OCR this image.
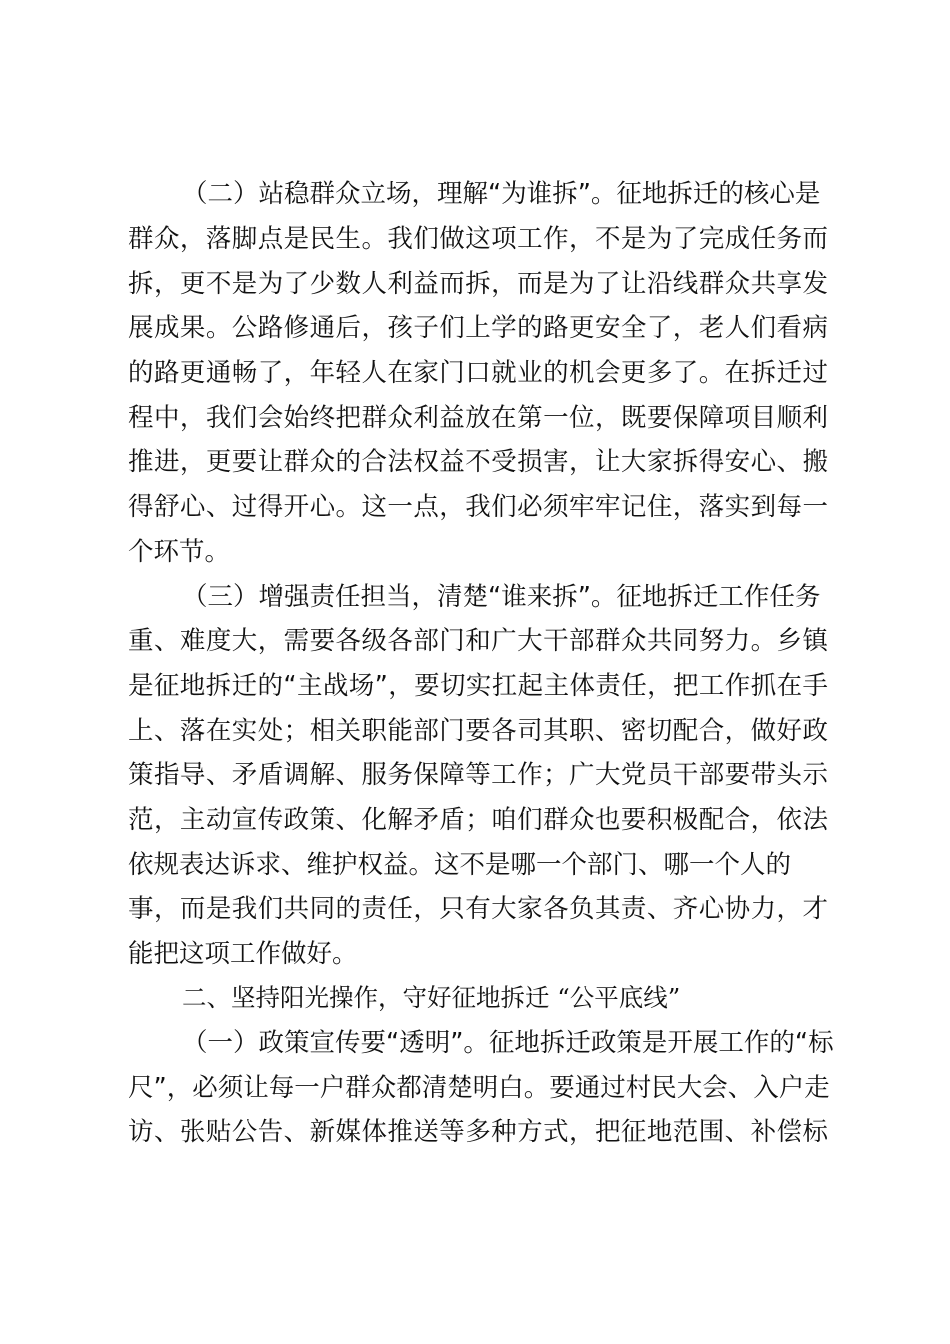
（二）站稳群众立场，理解“为谁拆”。征地拆迁的核心是
群众，落脚点是民生。我们做这项工作，不是为了完成任务而
拆，更不是为了少数人利益而拆，而是为了让沿线群众共享发
展成果。公路修通后，孩子们上学的路更安全了，老人们看病
的路更通畅了，年轻人在家门口就业的机会更多了。在拆迁过
程中，我们会始终把群众利益放在第一位，既要保障项目顺利
推进，更要让群众的合法权益不受损害，让大家拆得安心、搬
得舒心、过得开心。这一点，我们必须牢牢记住，落实到每一
个环节。
（三）增强责任担当，清楚“谁来拆”。征地拆迁工作任务
重、难度大，需要各级各部门和广大干部群众共同努力。乡镇
是征地拆迁的“主战场”，要切实扛起主体责任，把工作抓在手
上、落在实处；相关职能部门要各司其职、密切配合，做好政
策指导、矛盾调解、服务保障等工作；广大党员干部要带头示
范，主动宣传政策、化解矛盾；咱们群众也要积极配合，依法
依规表达诉求、维护权益。这不是哪一个部门、哪一个人的
事，而是我们共同的责任，只有大家各负其责、齐心协力，才
能把这项工作做好。
二、坚持阳光操作，守好征地拆迁 “公平底线”
（一）政策宣传要“透明”。征地拆迁政策是开展工作的“标
尺”，必须让每一户群众都清楚明白。要通过村民大会、入户走
访、张贴公告、新媒体推送等多种方式，把征地范围、补偿标
